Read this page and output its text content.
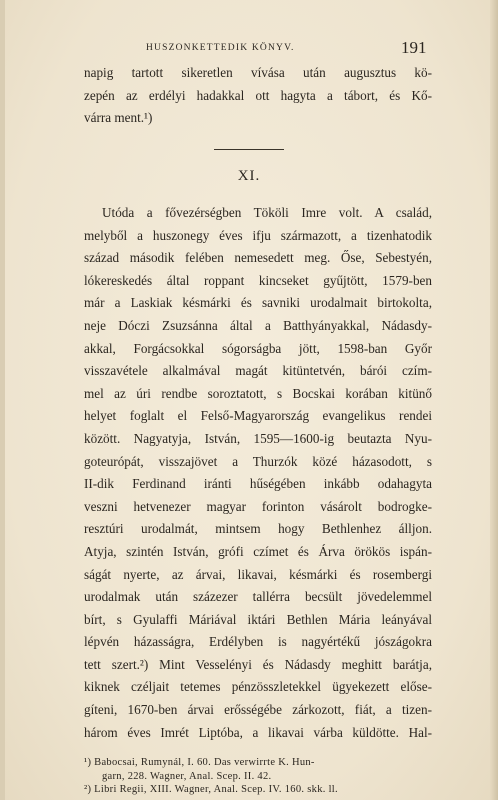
HUSZONKETTEDIK KÖNYV.	191
napig tartott sikeretlen vívása után augusztus kö-
zepén az erdélyi hadakkal ott hagyta a tábort, és Kő-
várra ment.¹)
XI.
Utóda a fővezérségben Tököli Imre volt. A család,
melyből a huszonegy éves ifju származott, a tizenhatodik
század második felében nemesedett meg. Őse, Sebestyén,
lókereskedés által roppant kincseket gyűjtött, 1579-ben
már a Laskiak késmárki és savniki urodalmait birtokolta,
neje Dóczi Zsuzsánna által a Batthyányakkal, Nádasdy-
akkal, Forgácsokkal sógorságba jött, 1598-ban Győr
visszavétele alkalmával magát kitüntetvén, bárói czím-
mel az úri rendbe soroztatott, s Bocskai korában kitünő
helyet foglalt el Felső-Magyarország evangelikus rendei
között. Nagyatyja, István, 1595—1600-ig beutazta Nyu-
goteurópát, visszajövet a Thurzók közé házasodott, s
II-dik Ferdinand iránti hűségében inkább odahagyta
veszni hetvenezer magyar forinton vásárolt bodrogke-
resztúri urodalmát, mintsem hogy Bethlenhez álljon.
Atyja, szintén István, grófi czímet és Árva örökös ispán-
ságát nyerte, az árvai, likavai, késmárki és rosembergi
urodalmak után százezer tallérra becsült jövedelemmel
bírt, s Gyulaffi Máriával iktári Bethlen Mária leányával
lépvén házasságra, Erdélyben is nagyértékű jószágokra
tett szert.²) Mint Vesselényi és Nádasdy meghitt barátja,
kiknek czéljait tetemes pénzösszletekkel ügyekezett előse-
gíteni, 1670-ben árvai erősségébe zárkozott, fiát, a tizen-
három éves Imrét Liptóba, a likavai várba küldötte. Hal-
¹) Babocsai, Rumynál, I. 60. Das verwirrte K. Hun-
garn, 228. Wagner, Anal. Scep. II. 42.
²) Libri Regii, XIII. Wagner, Anal. Scep. IV. 160. skk. ll.
